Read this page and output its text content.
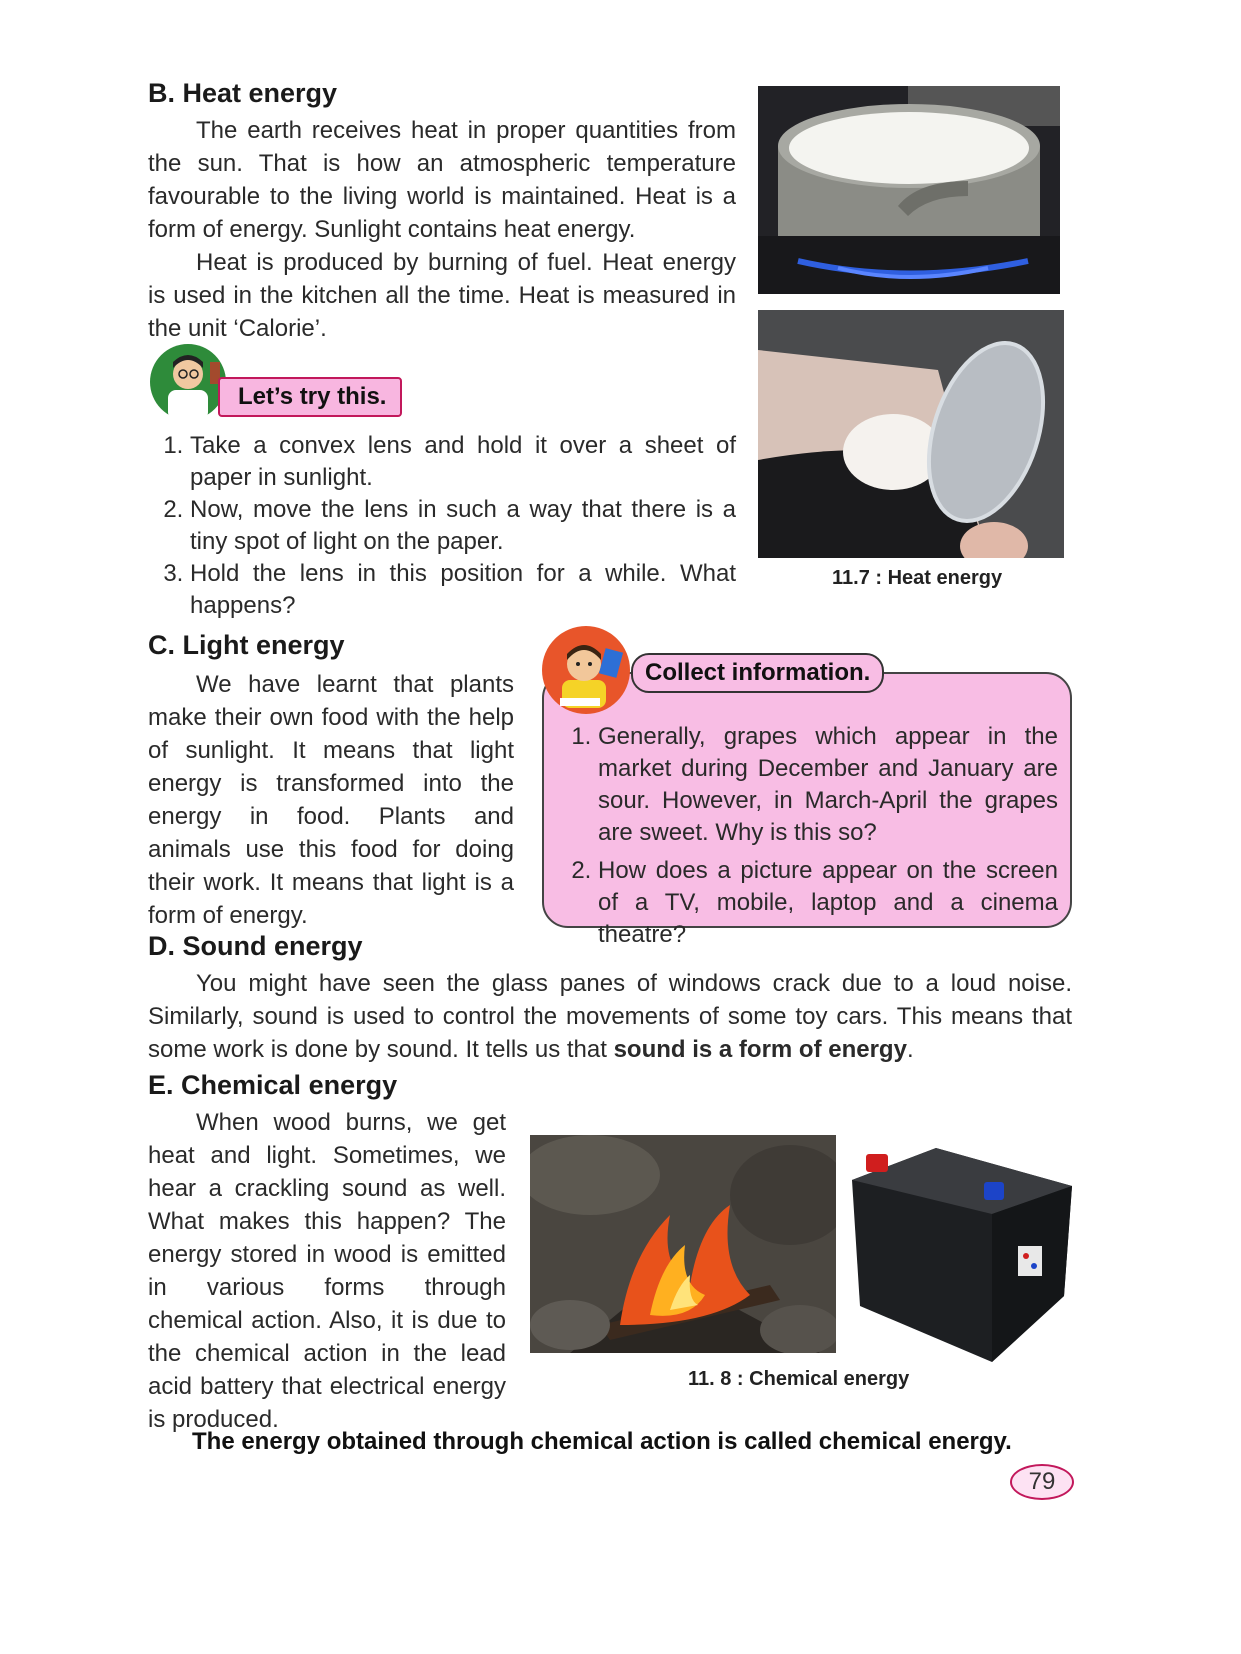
B. Heat energy

The earth receives heat in proper quantities from the sun. That is how an atmospheric temperature favourable to the living world is maintained. Heat is a form of energy. Sunlight contains heat energy.

Heat is produced by burning of fuel. Heat energy is used in the kitchen all the time. Heat is measured in the unit ‘Calorie’.

11.7 : Heat energy
Let’s try this.
1. Take a convex lens and hold it over a sheet of paper in sunlight.
2. Now, move the lens in such a way that there is a tiny spot of light on the paper.
3. Hold the lens in this position for a while. What happens?
C. Light energy

We have learnt that plants make their own food with the help of sunlight. It means that light energy is transformed into the energy in food. Plants and animals use this food for doing their work. It means that light is a form of energy.

Collect information.
1. Generally, grapes which appear in the market during December and January are sour. However, in March-April the grapes are sweet. Why is this so?
2. How does a picture appear on the screen of a TV, mobile, laptop and a cinema theatre?
D. Sound energy

You might have seen the glass panes of windows crack due to a loud noise. Similarly, sound is used to control the movements of some toy cars. This means that some work is done by sound. It tells us that sound is a form of energy.

E. Chemical energy

When wood burns, we get heat and light. Sometimes, we hear a crackling sound as well. What makes this happen? The energy stored in wood is emitted in various forms through chemical action. Also, it is due to the chemical action in the lead acid battery that electrical energy is produced.

11. 8 : Chemical energy
The energy obtained through chemical action is called chemical energy.
79
